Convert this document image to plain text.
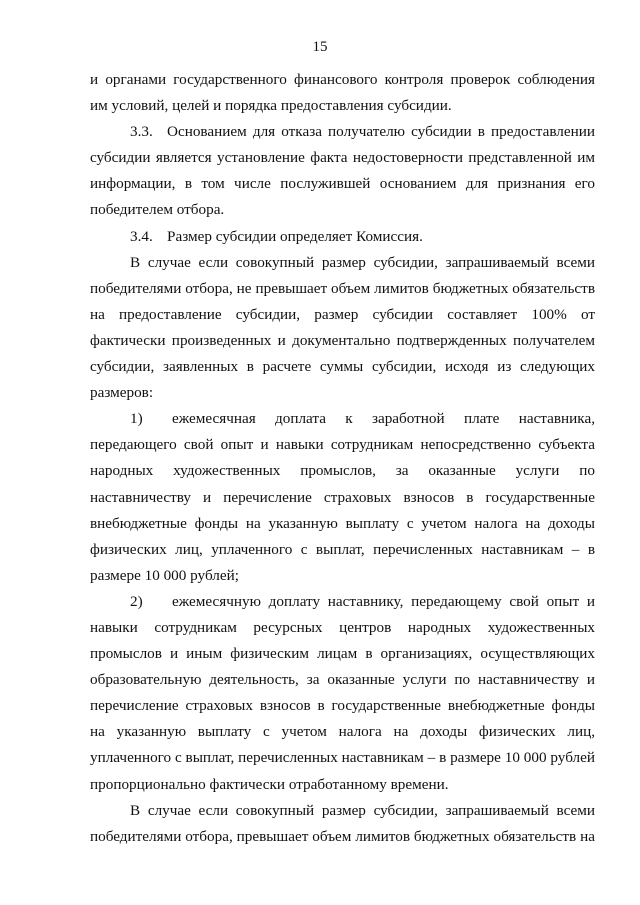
15

и органами государственного финансового контроля проверок соблюдения им условий, целей и порядка предоставления субсидии.

3.3. Основанием для отказа получателю субсидии в предоставлении субсидии является установление факта недостоверности представленной им информации, в том числе послужившей основанием для признания его победителем отбора.

3.4. Размер субсидии определяет Комиссия.

В случае если совокупный размер субсидии, запрашиваемый всеми победителями отбора, не превышает объем лимитов бюджетных обязательств на предоставление субсидии, размер субсидии составляет 100% от фактически произведенных и документально подтвержденных получателем субсидии, заявленных в расчете суммы субсидии, исходя из следующих размеров:

1) ежемесячная доплата к заработной плате наставника, передающего свой опыт и навыки сотрудникам непосредственно субъекта народных художественных промыслов, за оказанные услуги по наставничеству и перечисление страховых взносов в государственные внебюджетные фонды на указанную выплату с учетом налога на доходы физических лиц, уплаченного с выплат, перечисленных наставникам – в размере 10 000 рублей;

2) ежемесячную доплату наставнику, передающему свой опыт и навыки сотрудникам ресурсных центров народных художественных промыслов и иным физическим лицам в организациях, осуществляющих образовательную деятельность, за оказанные услуги по наставничеству и перечисление страховых взносов в государственные внебюджетные фонды на указанную выплату с учетом налога на доходы физических лиц, уплаченного с выплат, перечисленных наставникам – в размере 10 000 рублей пропорционально фактически отработанному времени.

В случае если совокупный размер субсидии, запрашиваемый всеми победителями отбора, превышает объем лимитов бюджетных обязательств на
